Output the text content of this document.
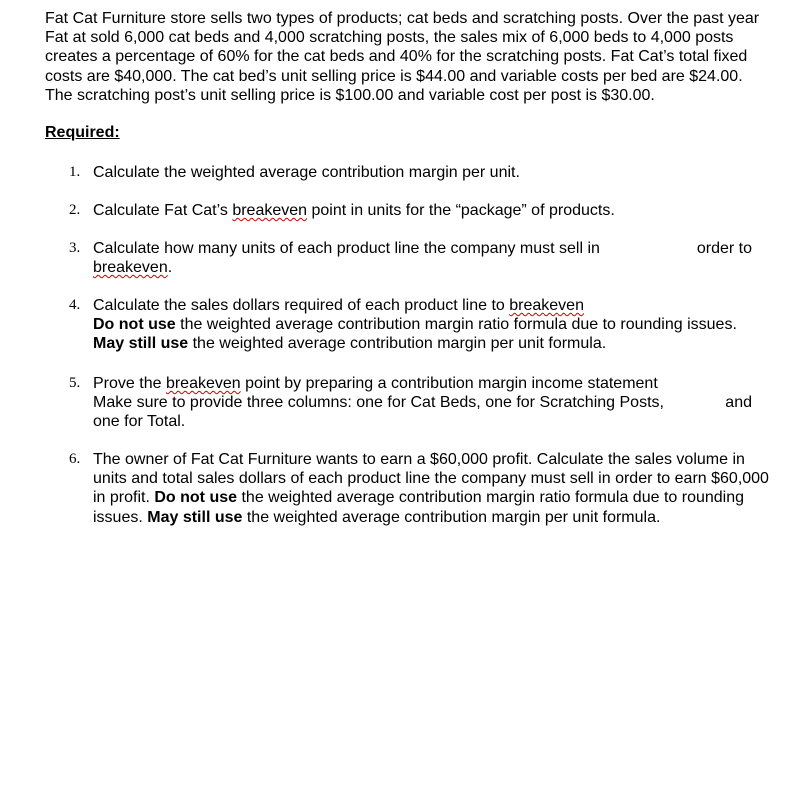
Fat Cat Furniture store sells two types of products; cat beds and scratching posts. Over the past year
Fat at sold 6,000 cat beds and 4,000 scratching posts, the sales mix of 6,000 beds to 4,000 posts
creates a percentage of 60% for the cat beds and 40% for the scratching posts. Fat Cat’s total fixed
costs are $40,000. The cat bed’s unit selling price is $44.00 and variable costs per bed are $24.00.
The scratching post’s unit selling price is $100.00 and variable cost per post is $30.00.
Required:
1. Calculate the weighted average contribution margin per unit.
2. Calculate Fat Cat’s breakeven point in units for the “package” of products.
3. Calculate how many units of each product line the company must sell in	order to
breakeven.
4. Calculate the sales dollars required of each product line to breakeven
Do not use the weighted average contribution margin ratio formula due to rounding issues.
May still use the weighted average contribution margin per unit formula.
5. Prove the breakeven point by preparing a contribution margin income statement
Make sure to provide three columns: one for Cat Beds, one for Scratching Posts,	and
one for Total.
6. The owner of Fat Cat Furniture wants to earn a $60,000 profit. Calculate the sales volume in
units and total sales dollars of each product line the company must sell in order to earn $60,000
in profit. Do not use the weighted average contribution margin ratio formula due to rounding
issues. May still use the weighted average contribution margin per unit formula.
